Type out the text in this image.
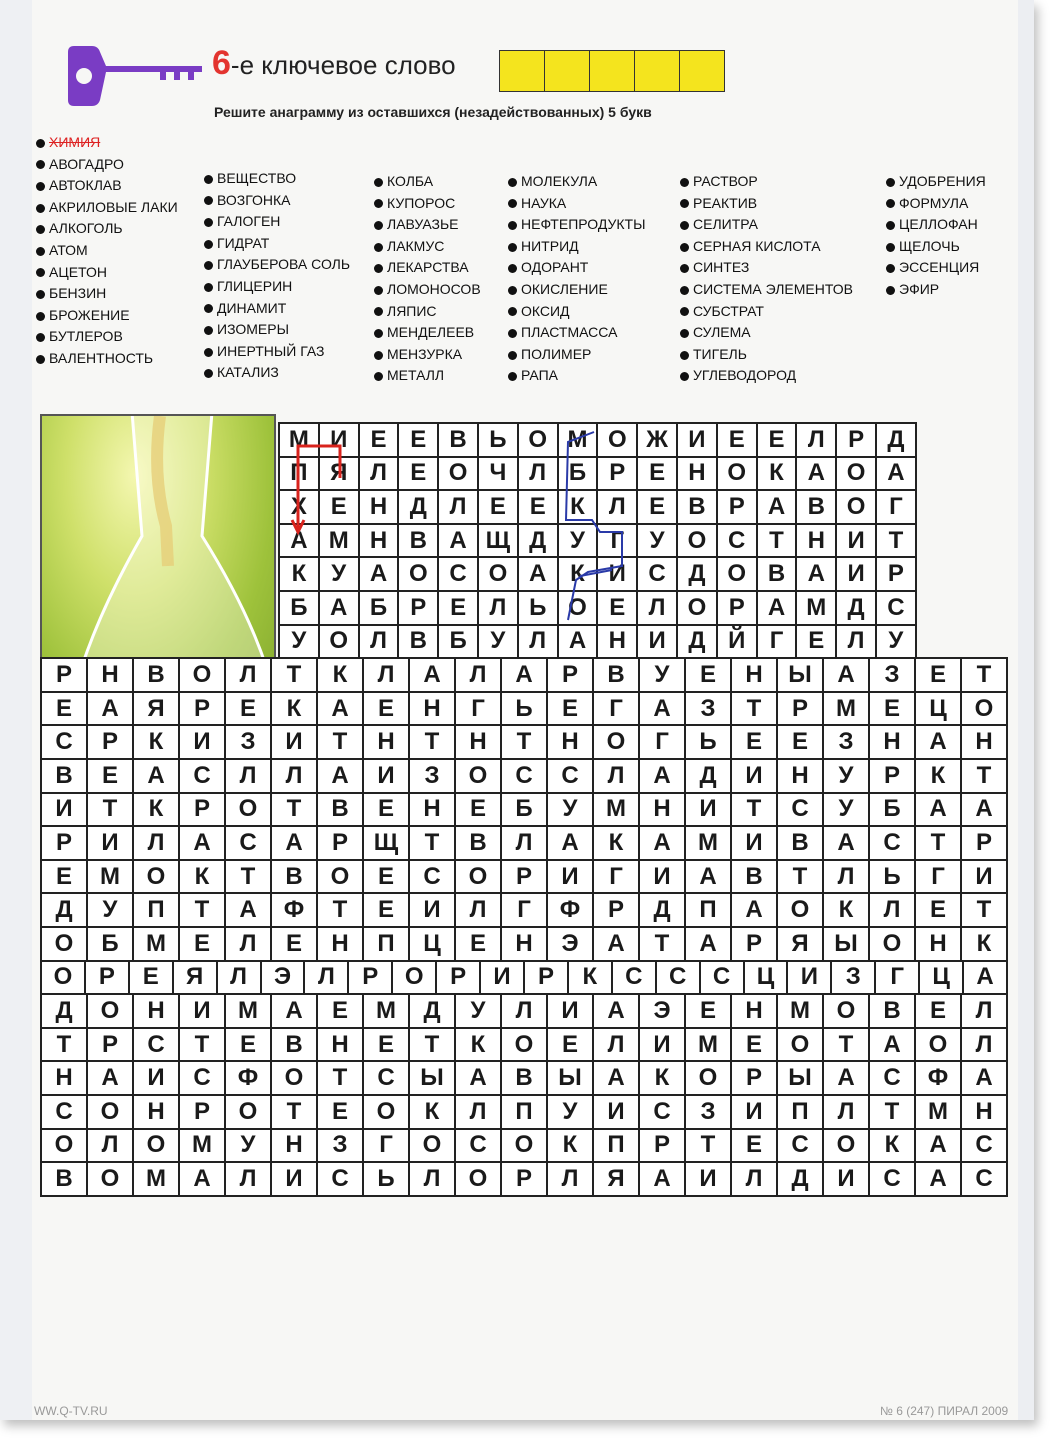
6-е ключевое слово
Решите анаграмму из оставшихся (незадействованных) 5 букв
ХИМИЯ
АВОГАДРО
АВТОКЛАВ
АКРИЛОВЫЕ ЛАКИ
АЛКОГОЛЬ
АТОМ
АЦЕТОН
БЕНЗИН
БРОЖЕНИЕ
БУТЛЕРОВ
ВАЛЕНТНОСТЬ
ВЕЩЕСТВО
ВОЗГОНКА
ГАЛОГЕН
ГИДРАТ
ГЛАУБЕРОВА СОЛЬ
ГЛИЦЕРИН
ДИНАМИТ
ИЗОМЕРЫ
ИНЕРТНЫЙ ГАЗ
КАТАЛИЗ
КОЛБА
КУПОРОС
ЛАВУАЗЬЕ
ЛАКМУС
ЛЕКАРСТВА
ЛОМОНОСОВ
ЛЯПИС
МЕНДЕЛЕЕВ
МЕНЗУРКА
МЕТАЛЛ
МОЛЕКУЛА
НАУКА
НЕФТЕПРОДУКТЫ
НИТРИД
ОДОРАНТ
ОКИСЛЕНИЕ
ОКСИД
ПЛАСТМАССА
ПОЛИМЕР
РАПА
РАСТВОР
РЕАКТИВ
СЕЛИТРА
СЕРНАЯ КИСЛОТА
СИНТЕЗ
СИСТЕМА ЭЛЕМЕНТОВ
СУБСТРАТ
СУЛЕМА
ТИГЕЛЬ
УГЛЕВОДОРОД
УДОБРЕНИЯ
ФОРМУЛА
ЦЕЛЛОФАН
ЩЕЛОЧЬ
ЭССЕНЦИЯ
ЭФИР
М И Е Е В Ь О М О Ж И Е Е Л Р Д
П Я Л Е О Ч Л Б Р Е Н О К А О А
Х Е Н Д Л Е Е	К	Л Е В Р А В О Г
А М Н В А Щ Д У	Г	У О С Т Н И Т
К	У А О С О А К И С Д О В А И Р
Б А Б Р Е Л Ь О Е Л О Р А М Д С
У О Л В Б У Л А Н И Д Й	Г	Е Л У
Р	Н	В	О	Л	Т	К	Л	А	Л	А	Р	В	У	Е	Н	Ы	А	З	Е	Т
Е	А	Я	Р	Е	К	А	Е	Н	Г	Ь	Е	Г	А	З	Т	Р	М	Е	Ц	О
С	Р	К	И	З	И	Т	Н	Т	Н	Т	Н	О	Г	Ь	Е	Е	З	Н	А	Н
В	Е	А	С	Л	Л	А	И	З	О	С	С	Л	А	Д	И	Н	У	Р	К	Т
И	Т	К	Р	О	Т	В	Е	Н	Е	Б	У	М	Н	И	Т	С	У	Б	А	А
Р	И	Л	А	С	А	Р	Щ	Т	В	Л	А	К	А	М	И	В	А	С	Т	Р
Е	М	О	К	Т	В	О	Е	С	О	Р	И	Г	И	А	В	Т	Л	Ь	Г	И
Д	У	П	Т	А	Ф	Т	Е	И	Л	Г	Ф	Р	Д	П	А	О	К	Л	Е	Т
О	Б	М	Е	Л	Е	Н	П	Ц	Е	Н	Э	А	Т	А	Р	Я	Ы	О	Н	К
О	Р	Е	Я	Л	Э	Л	Р	О	Р	И	Р	К	С	С	С	Ц	И	З	Г	Ц	А
Д	О	Н	И	М	А	Е	М	Д	У	Л	И	А	Э	Е	Н	М	О	В	Е	Л
Т	Р	С	Т	Е	В	Н	Е	Т	К	О	Е	Л	И	М	Е	О	Т	А	О	Л
Н	А	И	С	Ф	О	Т	С	Ы	А	В	Ы	А	К	О	Р	Ы	А	С	Ф	А
С	О	Н	Р	О	Т	Е	О	К	Л	П	У	И	С	З	И	П	Л	Т	М	Н
О	Л	О	М	У	Н	З	Г	О	С	О	К	П	Р	Т	Е	С	О	К	А	С
В	О	М	А	Л	И	С	Ь	Л	О	Р	Л	Я	А	И	Л	Д	И	С	А	С
WW.Q-TV.RU	№ 6 (247) ПИРАЛ 2009
